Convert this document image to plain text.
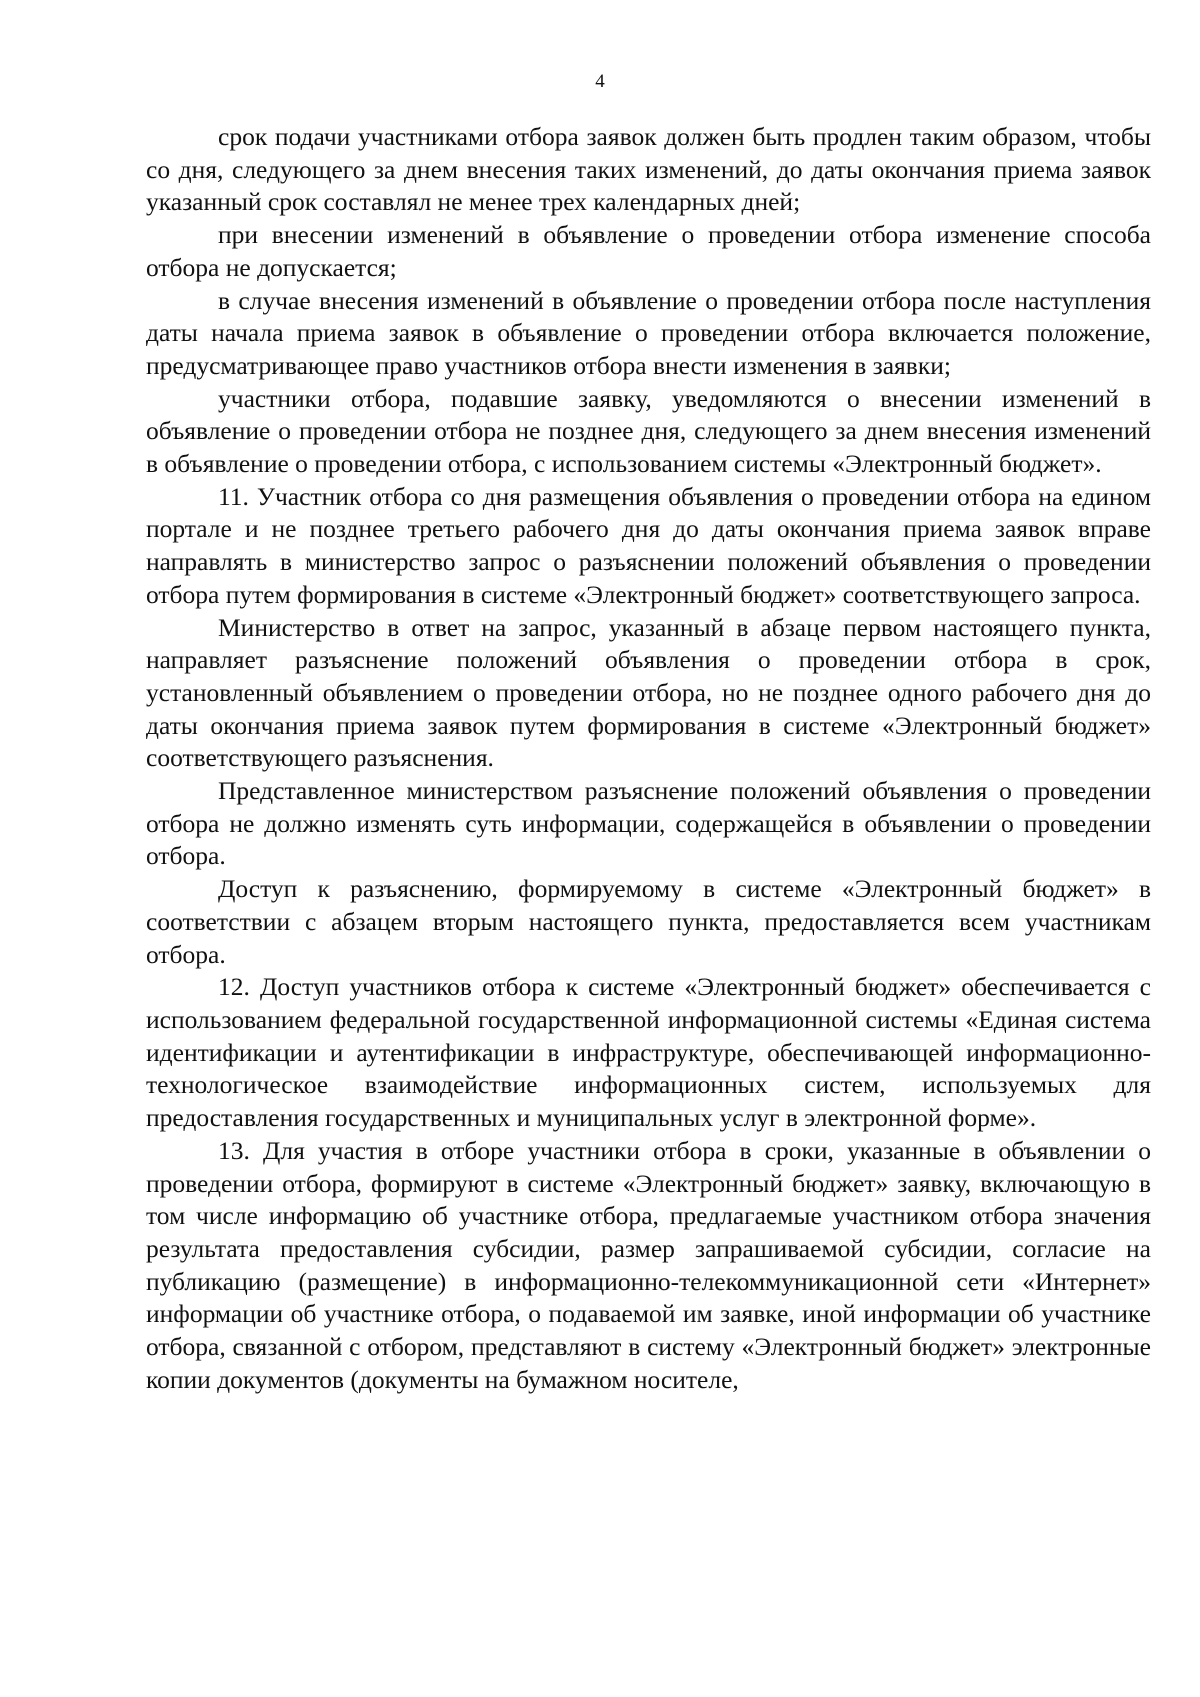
4

срок подачи участниками отбора заявок должен быть продлен таким образом, чтобы со дня, следующего за днем внесения таких изменений, до даты окончания приема заявок указанный срок составлял не менее трех календарных дней;

при внесении изменений в объявление о проведении отбора изменение способа отбора не допускается;

в случае внесения изменений в объявление о проведении отбора после наступления даты начала приема заявок в объявление о проведении отбора включается положение, предусматривающее право участников отбора внести изменения в заявки;

участники отбора, подавшие заявку, уведомляются о внесении изменений в объявление о проведении отбора не позднее дня, следующего за днем внесения изменений в объявление о проведении отбора, с использованием системы «Электронный бюджет».

11. Участник отбора со дня размещения объявления о проведении отбора на едином портале и не позднее третьего рабочего дня до даты окончания приема заявок вправе направлять в министерство запрос о разъяснении положений объявления о проведении отбора путем формирования в системе «Электронный бюджет» соответствующего запроса.

Министерство в ответ на запрос, указанный в абзаце первом настоящего пункта, направляет разъяснение положений объявления о проведении отбора в срок, установленный объявлением о проведении отбора, но не позднее одного рабочего дня до даты окончания приема заявок путем формирования в системе «Электронный бюджет» соответствующего разъяснения.

Представленное министерством разъяснение положений объявления о проведении отбора не должно изменять суть информации, содержащейся в объявлении о проведении отбора.

Доступ к разъяснению, формируемому в системе «Электронный бюджет» в соответствии с абзацем вторым настоящего пункта, предоставляется всем участникам отбора.

12. Доступ участников отбора к системе «Электронный бюджет» обеспечивается с использованием федеральной государственной информационной системы «Единая система идентификации и аутентификации в инфраструктуре, обеспечивающей информационно-технологическое взаимодействие информационных систем, используемых для предоставления государственных и муниципальных услуг в электронной форме».

13. Для участия в отборе участники отбора в сроки, указанные в объявлении о проведении отбора, формируют в системе «Электронный бюджет» заявку, включающую в том числе информацию об участнике отбора, предлагаемые участником отбора значения результата предоставления субсидии, размер запрашиваемой субсидии, согласие на публикацию (размещение) в информационно-телекоммуникационной сети «Интернет» информации об участнике отбора, о подаваемой им заявке, иной информации об участнике отбора, связанной с отбором, представляют в систему «Электронный бюджет» электронные копии документов (документы на бумажном носителе,
